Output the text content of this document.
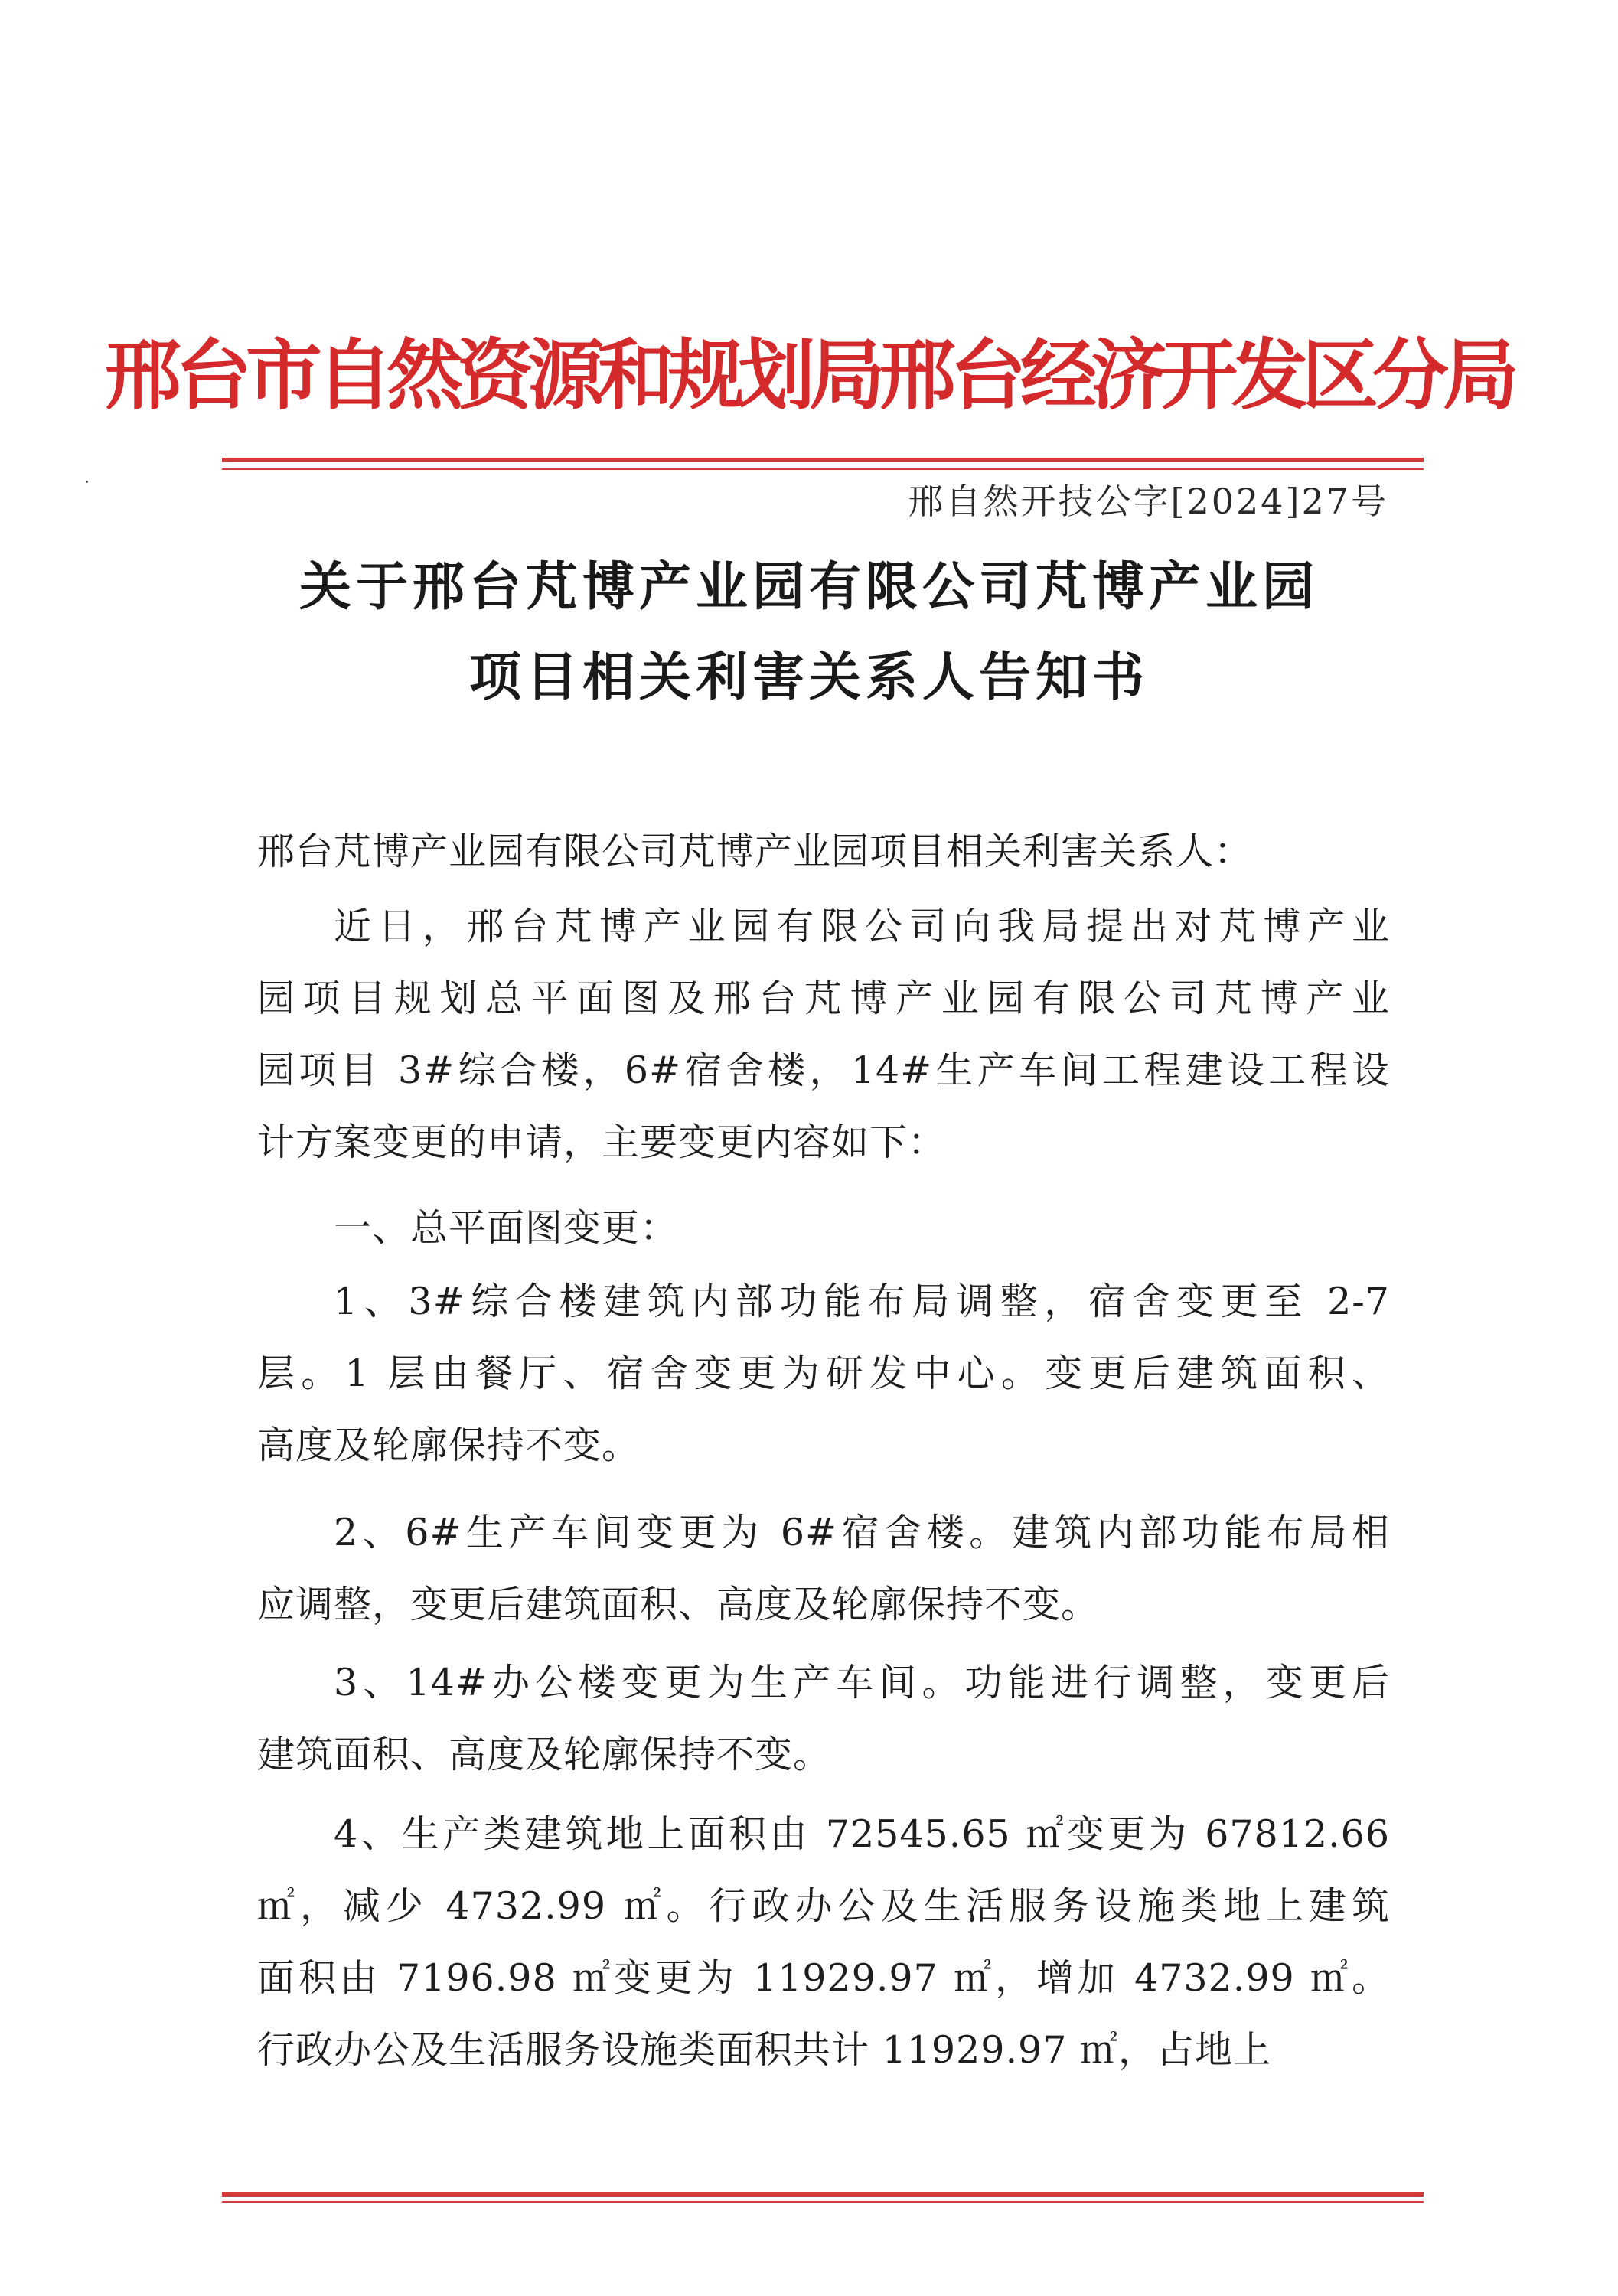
邢台市自然资源和规划局邢台经济开发区分局
邢自然开技公字[2024]27号
关于邢台芃博产业园有限公司芃博产业园
项目相关利害关系人告知书
邢台芃博产业园有限公司芃博产业园项目相关利害关系人：
近日，邢台芃博产业园有限公司向我局提出对芃博产业
园项目规划总平面图及邢台芃博产业园有限公司芃博产业
园项目 3#综合楼，6#宿舍楼，14#生产车间工程建设工程设
计方案变更的申请，主要变更内容如下：
一、总平面图变更：
1、3#综合楼建筑内部功能布局调整，宿舍变更至 2-7
层。1 层由餐厅、宿舍变更为研发中心。变更后建筑面积、
高度及轮廓保持不变。
2、6#生产车间变更为 6#宿舍楼。建筑内部功能布局相
应调整，变更后建筑面积、高度及轮廓保持不变。
3、14#办公楼变更为生产车间。功能进行调整，变更后
建筑面积、高度及轮廓保持不变。
4、生产类建筑地上面积由 72545.65 ㎡变更为 67812.66
㎡，减少 4732.99 ㎡。行政办公及生活服务设施类地上建筑
面积由 7196.98 ㎡变更为 11929.97 ㎡，增加 4732.99 ㎡。
行政办公及生活服务设施类面积共计 11929.97 ㎡，占地上
